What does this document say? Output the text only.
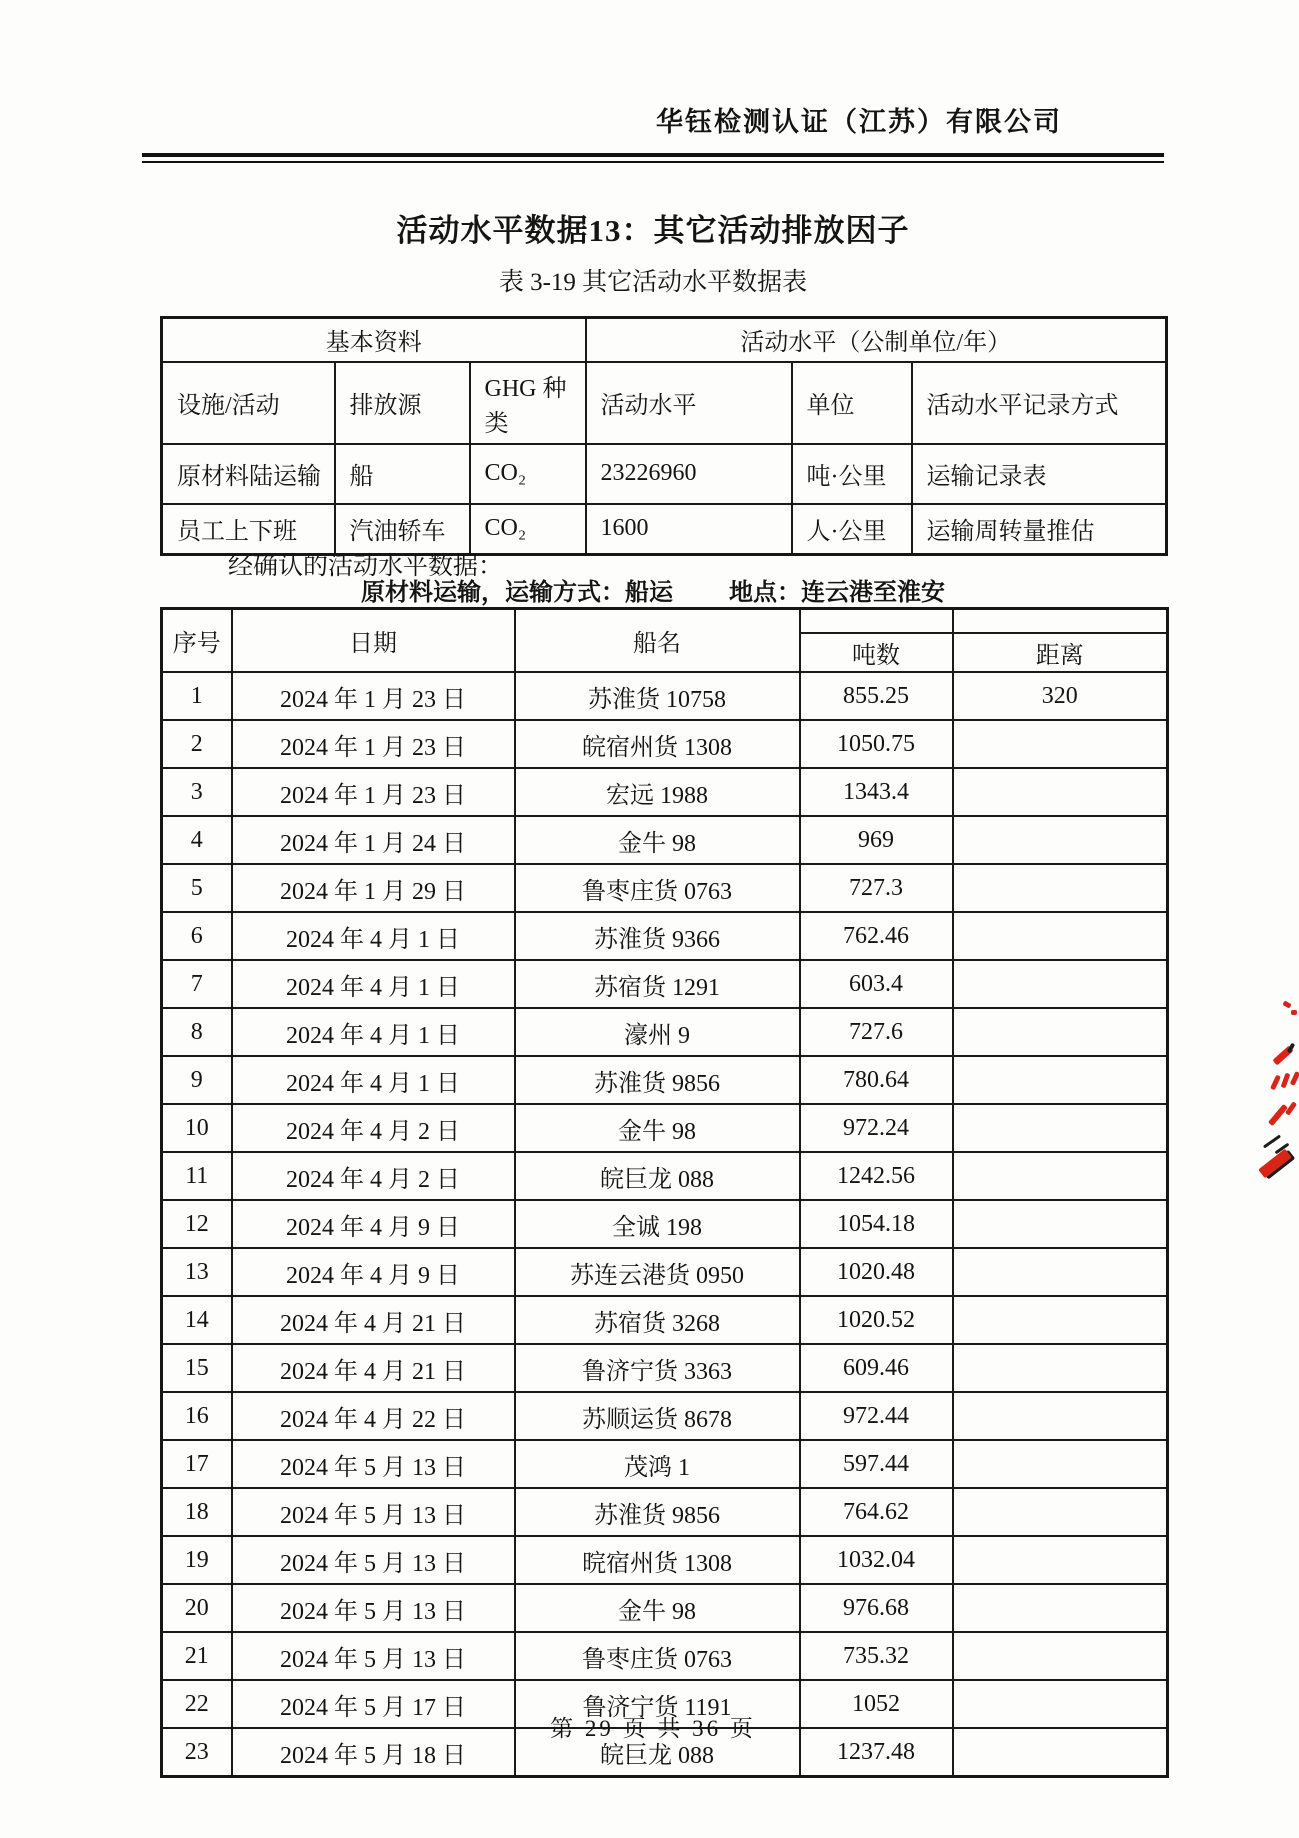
华钰检测认证（江苏）有限公司
活动水平数据13：其它活动排放因子
表 3-19 其它活动水平数据表
基本资料			活动水平（公制单位/年）		
设施/活动	排放源	GHG 种类	活动水平	单位	活动水平记录方式
原材料陆运输	船	CO₂	23226960	吨·公里	运输记录表
员工上下班	汽油轿车	CO₂	1600	人·公里	运输周转量推估
经确认的活动水平数据：
原材料运输，运输方式：船运 地点：连云港至淮安
序号	日期	船名		
			吨数	距离
1	2024 年 1 月 23 日	苏淮货 10758	855.25	320
2	2024 年 1 月 23 日	皖宿州货 1308	1050.75	
3	2024 年 1 月 23 日	宏远 1988	1343.4	
4	2024 年 1 月 24 日	金牛 98	969	
5	2024 年 1 月 29 日	鲁枣庄货 0763	727.3	
6	2024 年 4 月 1 日	苏淮货 9366	762.46	
7	2024 年 4 月 1 日	苏宿货 1291	603.4	
8	2024 年 4 月 1 日	濠州 9	727.6	
9	2024 年 4 月 1 日	苏淮货 9856	780.64	
10	2024 年 4 月 2 日	金牛 98	972.24	
11	2024 年 4 月 2 日	皖巨龙 088	1242.56	
12	2024 年 4 月 9 日	全诚 198	1054.18	
13	2024 年 4 月 9 日	苏连云港货 0950	1020.48	
14	2024 年 4 月 21 日	苏宿货 3268	1020.52	
15	2024 年 4 月 21 日	鲁济宁货 3363	609.46	
16	2024 年 4 月 22 日	苏顺运货 8678	972.44	
17	2024 年 5 月 13 日	茂鸿 1	597.44	
18	2024 年 5 月 13 日	苏淮货 9856	764.62	
19	2024 年 5 月 13 日	晥宿州货 1308	1032.04	
20	2024 年 5 月 13 日	金牛 98	976.68	
21	2024 年 5 月 13 日	鲁枣庄货 0763	735.32	
22	2024 年 5 月 17 日	鲁济宁货 1191	1052	
23	2024 年 5 月 18 日	皖巨龙 088	1237.48	
第 29 页 共 36 页
